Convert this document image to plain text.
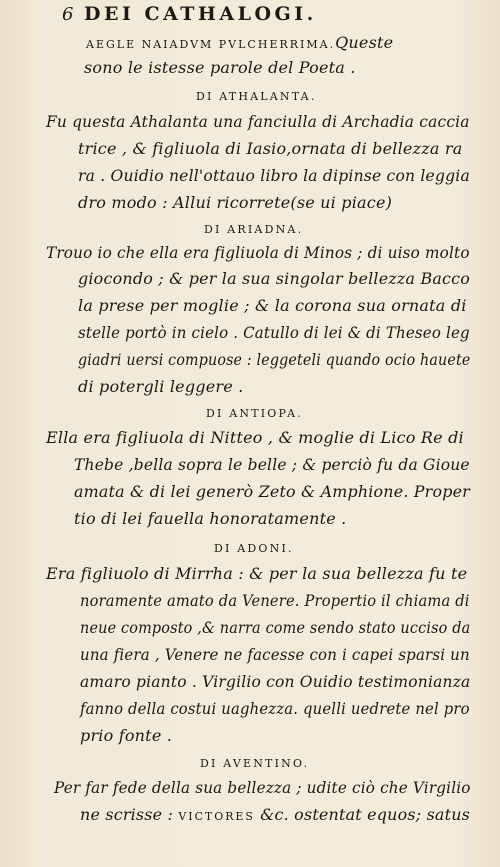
6 DEI CATHALOGI.
AEGLE NAIADVM PVLCHERRIMA.Queste
sono le istesse parole del Poeta .
DI ATHALANTA.
Fu questa Athalanta una fanciulla di Archadia caccia
trice , & figliuola di Iasio,ornata di bellezza ra
ra . Ouidio nell'ottauo libro la dipinse con leggia
dro modo : Allui ricorrete(se ui piace)
DI ARIADNA.
Trouo io che ella era figliuola di Minos ; di uiso molto
giocondo ; & per la sua singolar bellezza Bacco
la prese per moglie ; & la corona sua ornata di
stelle portò in cielo . Catullo di lei & di Theseo leg
giadri uersi compuose : leggeteli quando ocio hauete
di potergli leggere .
DI ANTIOPA.
Ella era figliuola di Nitteo , & moglie di Lico Re di
Thebe ,bella sopra le belle ; & perciò fu da Gioue
amata & di lei generò Zeto & Amphione. Proper
tio di lei fauella honoratamente .
DI ADONI.
Era figliuolo di Mirrha : & per la sua bellezza fu te
noramente amato da Venere. Propertio il chiama di
neue composto ,& narra come sendo stato ucciso da
una fiera , Venere ne facesse con i capei sparsi un
amaro pianto . Virgilio con Ouidio testimonianza
fanno della costui uaghezza. quelli uedrete nel pro
prio fonte .
DI AVENTINO.
Per far fede della sua bellezza ; udite ciò che Virgilio
ne scrisse : VICTORES &c. ostentat equos; satus
